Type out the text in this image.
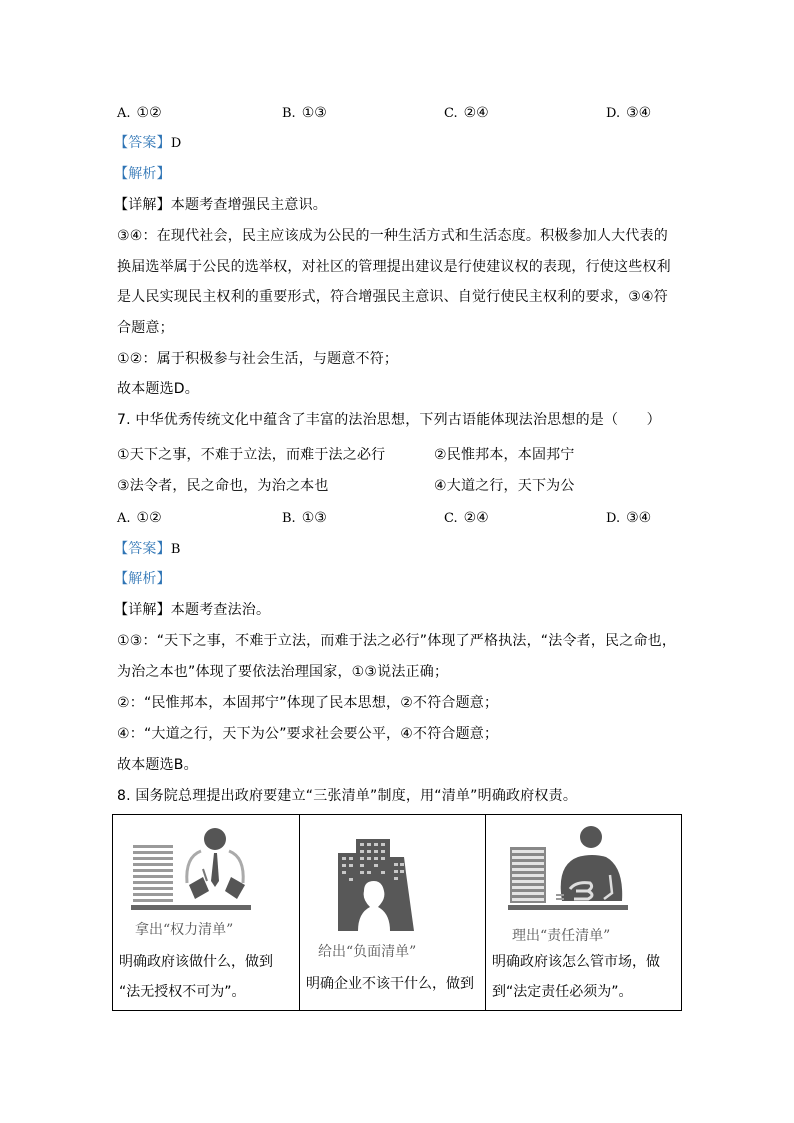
A. ①②	B. ①③	C. ②④	D. ③④
【答案】D
【解析】
【详解】本题考查增强民主意识。
③④：在现代社会，民主应该成为公民的一种生活方式和生活态度。积极参加人大代表的
换届选举属于公民的选举权，对社区的管理提出建议是行使建议权的表现，行使这些权利
是人民实现民主权利的重要形式，符合增强民主意识、自觉行使民主权利的要求，③④符
合题意；
①②：属于积极参与社会生活，与题意不符；
故本题选D。
7. 中华优秀传统文化中蕴含了丰富的法治思想，下列古语能体现法治思想的是（　　）
①天下之事，不难于立法，而难于法之必行	②民惟邦本，本固邦宁
③法令者，民之命也，为治之本也	④大道之行，天下为公
A. ①②	B. ①③	C. ②④	D. ③④
【答案】B
【解析】
【详解】本题考查法治。
①③：“天下之事，不难于立法，而难于法之必行”体现了严格执法，“法令者，民之命也，
为治之本也”体现了要依法治理国家，①③说法正确；
②：“民惟邦本，本固邦宁”体现了民本思想，②不符合题意；
④：“大道之行，天下为公”要求社会要公平，④不符合题意；
故本题选B。
8. 国务院总理提出政府要建立“三张清单”制度，用“清单”明确政府权责。
拿出“权力清单”
明确政府该做什么，做到
“法无授权不可为”。
给出“负面清单”
明确企业不该干什么，做到
理出“责任清单”
明确政府该怎么管市场，做
到“法定责任必须为”。
